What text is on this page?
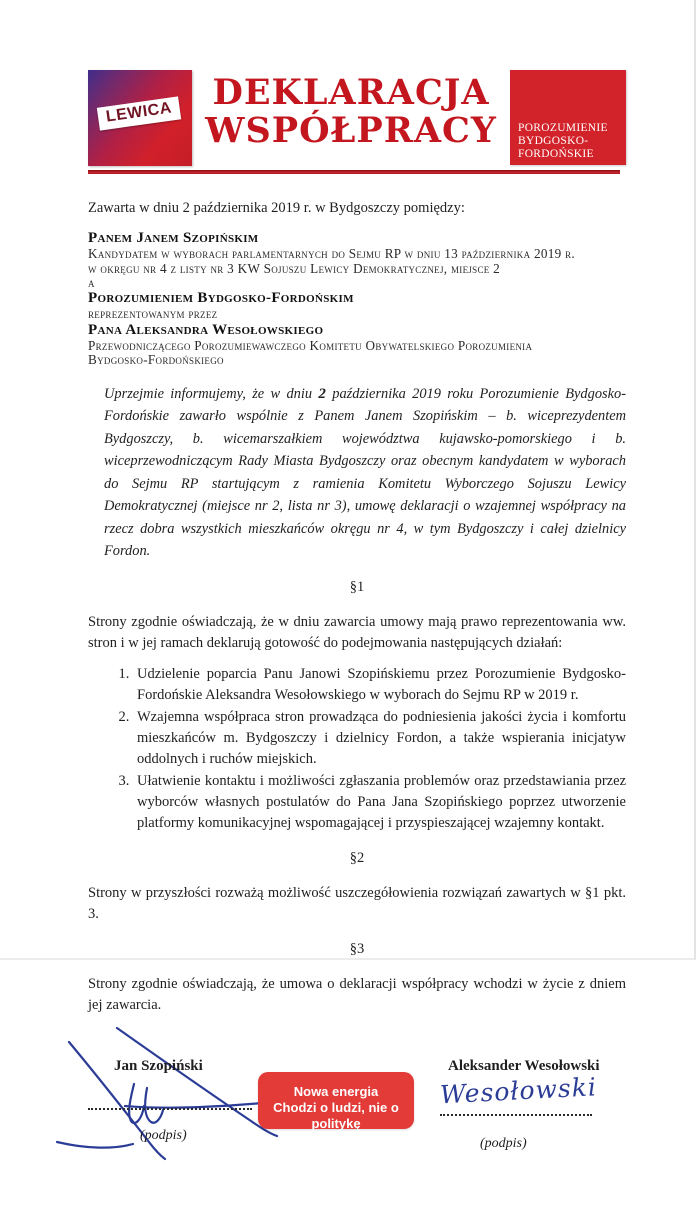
LEWICA	DEKLARACJA
WSPÓŁPRACY	POROZUMIENIE
BYDGOSKO-
FORDOŃSKIE

Zawarta w dniu 2 października 2019 r. w Bydgoszczy pomiędzy:

Panem Janem Szopińskim
Kandydatem w wyborach parlamentarnych do Sejmu RP w dniu 13 października 2019 r.
w okręgu nr 4 z listy nr 3 KW Sojuszu Lewicy Demokratycznej, miejsce 2
a
Porozumieniem Bydgosko-Fordońskim
reprezentowanym przez
Pana Aleksandra Wesołowskiego
Przewodniczącego Porozumiewawczego Komitetu Obywatelskiego Porozumienia
Bydgosko-Fordońskiego

Uprzejmie informujemy, że w dniu 2 października 2019 roku Porozumienie Bydgosko-Fordońskie zawarło wspólnie z Panem Janem Szopińskim – b. wiceprezydentem Bydgoszczy, b. wicemarszałkiem województwa kujawsko-pomorskiego i b. wiceprzewodniczącym Rady Miasta Bydgoszczy oraz obecnym kandydatem w wyborach do Sejmu RP startującym z ramienia Komitetu Wyborczego Sojuszu Lewicy Demokratycznej (miejsce nr 2, lista nr 3), umowę deklaracji o wzajemnej współpracy na rzecz dobra wszystkich mieszkańców okręgu nr 4, w tym Bydgoszczy i całej dzielnicy Fordon.

§1

Strony zgodnie oświadczają, że w dniu zawarcia umowy mają prawo reprezentowania ww. stron i w jej ramach deklarują gotowość do podejmowania następujących działań:

1. Udzielenie poparcia Panu Janowi Szopińskiemu przez Porozumienie Bydgosko-Fordońskie Aleksandra Wesołowskiego w wyborach do Sejmu RP w 2019 r.
2. Wzajemna współpraca stron prowadząca do podniesienia jakości życia i komfortu mieszkańców m. Bydgoszczy i dzielnicy Fordon, a także wspierania inicjatyw oddolnych i ruchów miejskich.
3. Ułatwienie kontaktu i możliwości zgłaszania problemów oraz przedstawiania przez wyborców własnych postulatów do Pana Jana Szopińskiego poprzez utworzenie platformy komunikacyjnej wspomagającej i przyspieszającej wzajemny kontakt.
§2

Strony w przyszłości rozważą możliwość uszczegółowienia rozwiązań zawartych w §1 pkt. 3.

§3

Strony zgodnie oświadczają, że umowa o deklaracji współpracy wchodzi w życie z dniem jej zawarcia.

Jan Szopiński	Aleksander Wesołowski
Nowa energia
Chodzi o ludzi, nie o politykę
Wesołowski
(podpis)
(podpis)
